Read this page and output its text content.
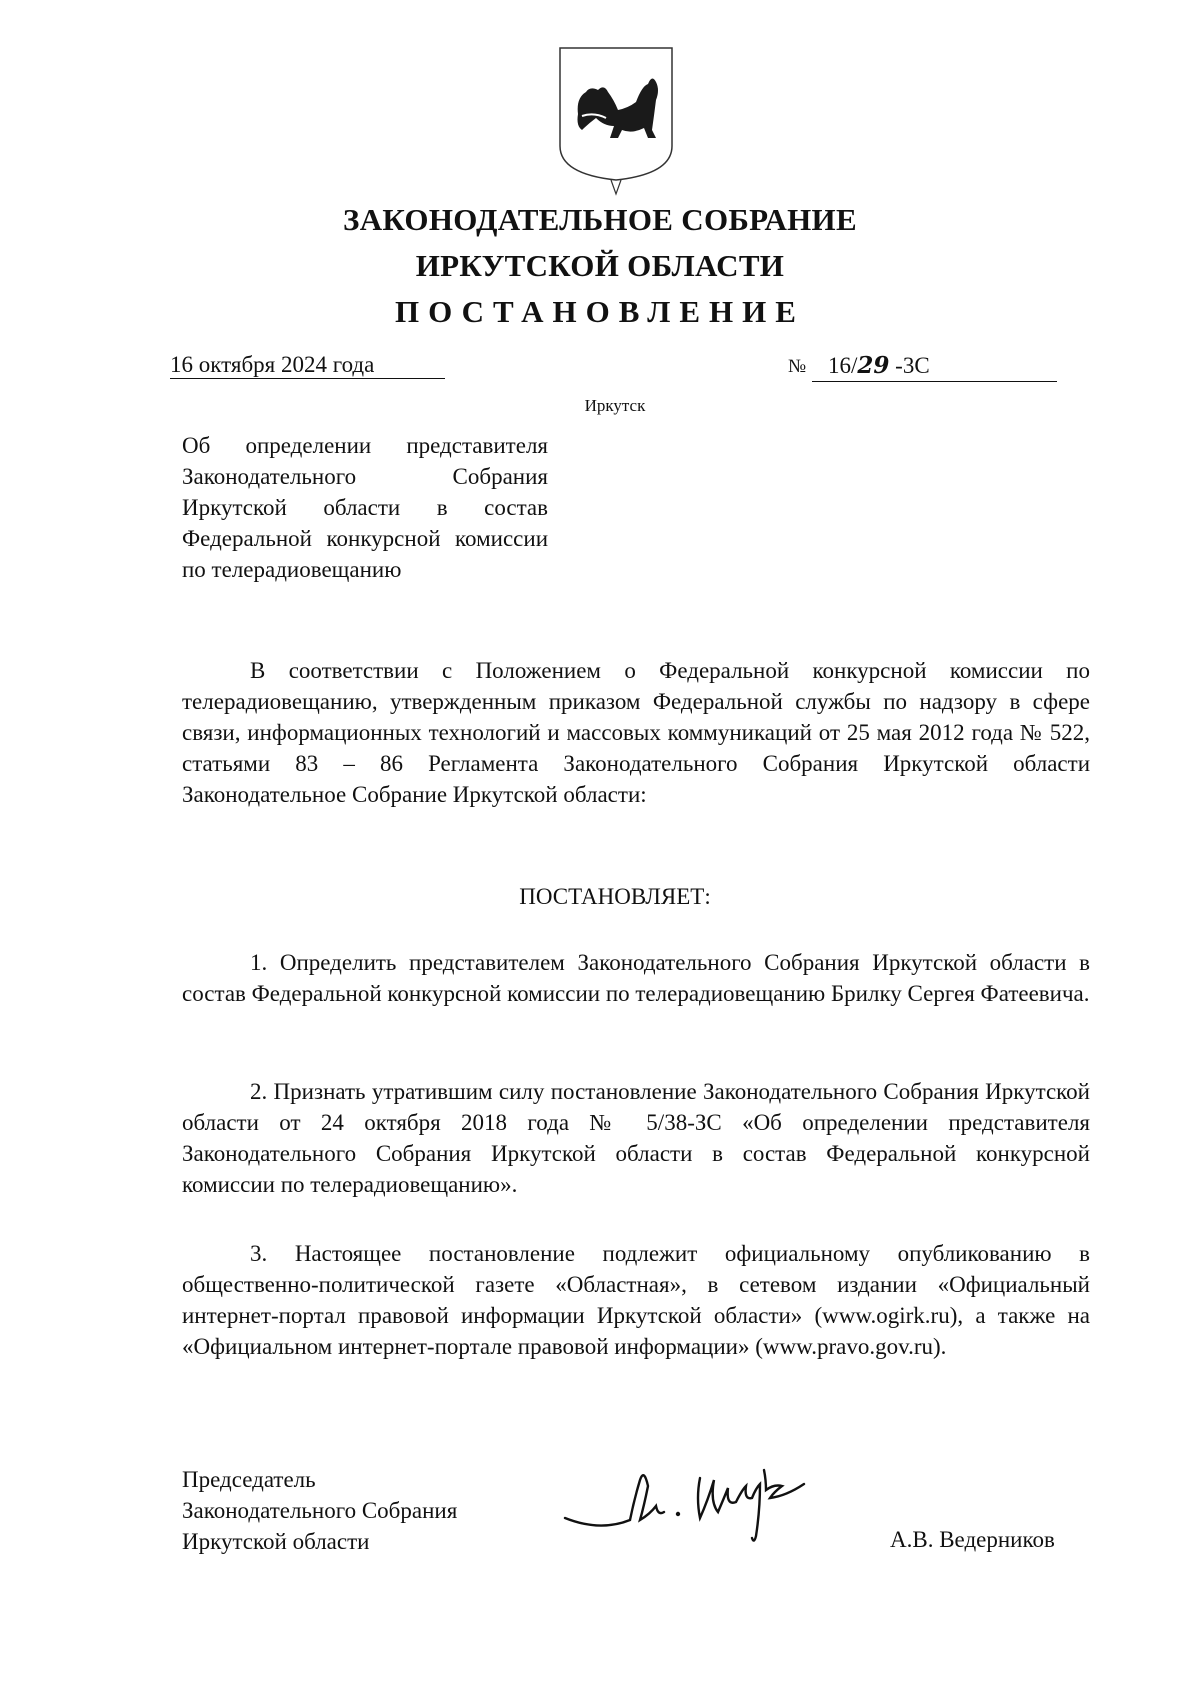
ЗАКОНОДАТЕЛЬНОЕ СОБРАНИЕ
ИРКУТСКОЙ ОБЛАСТИ
ПОСТАНОВЛЕНИЕ
16 октября 2024 года	№ 16/29 -3С
Иркутск

Об определении представителя Законодательного Собрания Иркутской области в состав Федеральной конкурсной комиссии по телерадиовещанию

В соответствии с Положением о Федеральной конкурсной комиссии по телерадиовещанию, утвержденным приказом Федеральной службы по надзору в сфере связи, информационных технологий и массовых коммуникаций от 25 мая 2012 года № 522, статьями 83 – 86 Регламента Законодательного Собрания Иркутской области Законодательное Собрание Иркутской области:

ПОСТАНОВЛЯЕТ:

1. Определить представителем Законодательного Собрания Иркутской области в состав Федеральной конкурсной комиссии по телерадиовещанию Брилку Сергея Фатеевича.

2. Признать утратившим силу постановление Законодательного Собрания Иркутской области от 24 октября 2018 года № 5/38-ЗС «Об определении представителя Законодательного Собрания Иркутской области в состав Федеральной конкурсной комиссии по телерадиовещанию».

3. Настоящее постановление подлежит официальному опубликованию в общественно-политической газете «Областная», в сетевом издании «Официальный интернет-портал правовой информации Иркутской области» (www.ogirk.ru), а также на «Официальном интернет-портале правовой информации» (www.pravo.gov.ru).

Председатель
Законодательного Собрания
Иркутской области	А.В. Ведерников
